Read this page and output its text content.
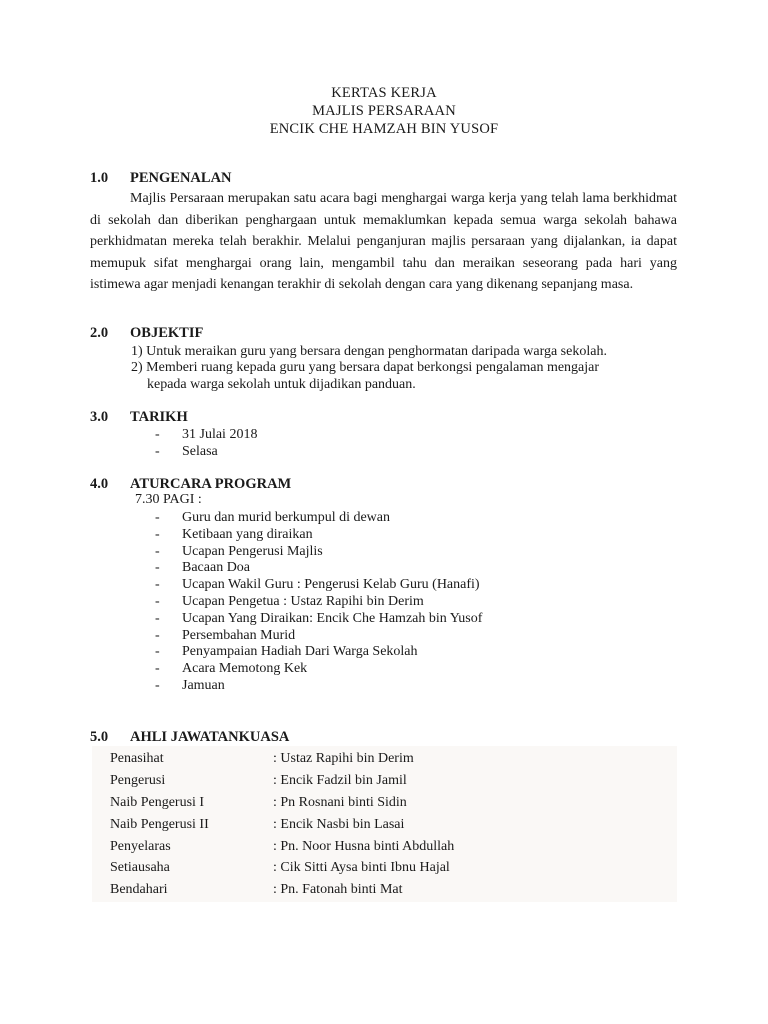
KERTAS KERJA
MAJLIS PERSARAAN
ENCIK CHE HAMZAH BIN YUSOF
1.0 PENGENALAN
Majlis Persaraan merupakan satu acara bagi menghargai warga kerja yang telah lama berkhidmat di sekolah dan diberikan penghargaan untuk memaklumkan kepada semua warga sekolah bahawa perkhidmatan mereka telah berakhir. Melalui penganjuran majlis persaraan yang dijalankan, ia dapat memupuk sifat menghargai orang lain, mengambil tahu dan meraikan seseorang pada hari yang istimewa agar menjadi kenangan terakhir di sekolah dengan cara yang dikenang sepanjang masa.
2.0 OBJEKTIF
1) Untuk meraikan guru yang bersara dengan penghormatan daripada warga sekolah.
2) Memberi ruang kepada guru yang bersara dapat berkongsi pengalaman mengajar
kepada warga sekolah untuk dijadikan panduan.
3.0 TARIKH
- 31 Julai 2018
- Selasa
4.0 ATURCARA PROGRAM
7.30 PAGI :
- Guru dan murid berkumpul di dewan
- Ketibaan yang diraikan
- Ucapan Pengerusi Majlis
- Bacaan Doa
- Ucapan Wakil Guru : Pengerusi Kelab Guru (Hanafi)
- Ucapan Pengetua : Ustaz Rapihi bin Derim
- Ucapan Yang Diraikan: Encik Che Hamzah bin Yusof
- Persembahan Murid
- Penyampaian Hadiah Dari Warga Sekolah
- Acara Memotong Kek
- Jamuan
5.0 AHLI JAWATANKUASA
Penasihat	: Ustaz Rapihi bin Derim
Pengerusi	: Encik Fadzil bin Jamil
Naib Pengerusi I	: Pn Rosnani binti Sidin
Naib Pengerusi II	: Encik Nasbi bin Lasai
Penyelaras	: Pn. Noor Husna binti Abdullah
Setiausaha	: Cik Sitti Aysa binti Ibnu Hajal
Bendahari	: Pn. Fatonah binti Mat
